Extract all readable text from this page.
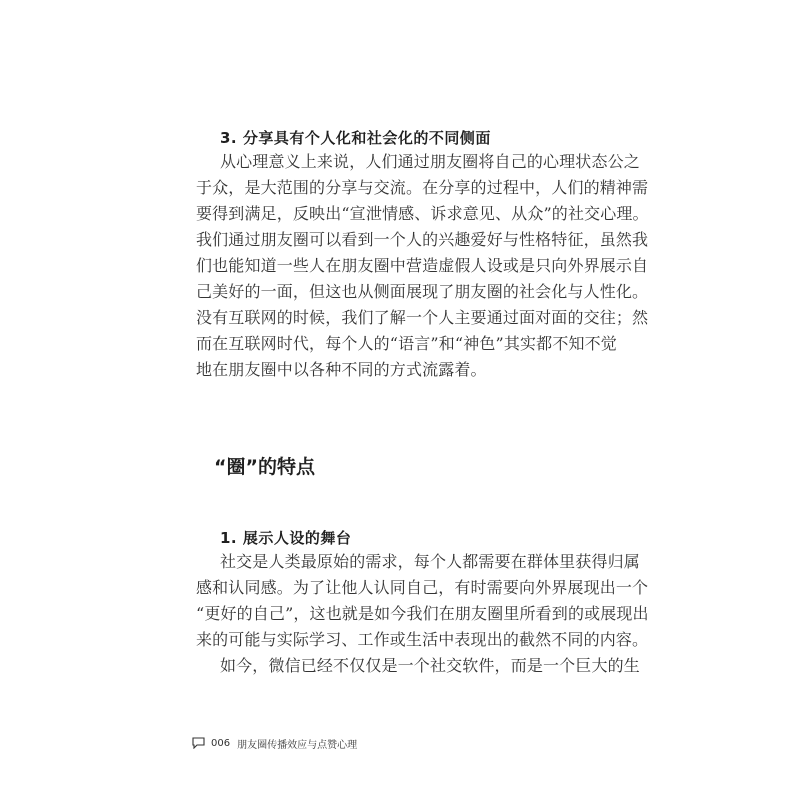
3. 分享具有个人化和社会化的不同侧面
从心理意义上来说，人们通过朋友圈将自己的心理状态公之
于众，是大范围的分享与交流。在分享的过程中，人们的精神需
要得到满足，反映出“宣泄情感、诉求意见、从众”的社交心理。
我们通过朋友圈可以看到一个人的兴趣爱好与性格特征，虽然我
们也能知道一些人在朋友圈中营造虚假人设或是只向外界展示自
己美好的一面，但这也从侧面展现了朋友圈的社会化与人性化。
没有互联网的时候，我们了解一个人主要通过面对面的交往；然
而在互联网时代，每个人的“语言”和“神色”其实都不知不觉
地在朋友圈中以各种不同的方式流露着。
“圈”的特点
1. 展示人设的舞台
社交是人类最原始的需求，每个人都需要在群体里获得归属
感和认同感。为了让他人认同自己，有时需要向外界展现出一个
“更好的自己”，这也就是如今我们在朋友圈里所看到的或展现出
来的可能与实际学习、工作或生活中表现出的截然不同的内容。
如今，微信已经不仅仅是一个社交软件，而是一个巨大的生
006 朋友圈传播效应与点赞心理
